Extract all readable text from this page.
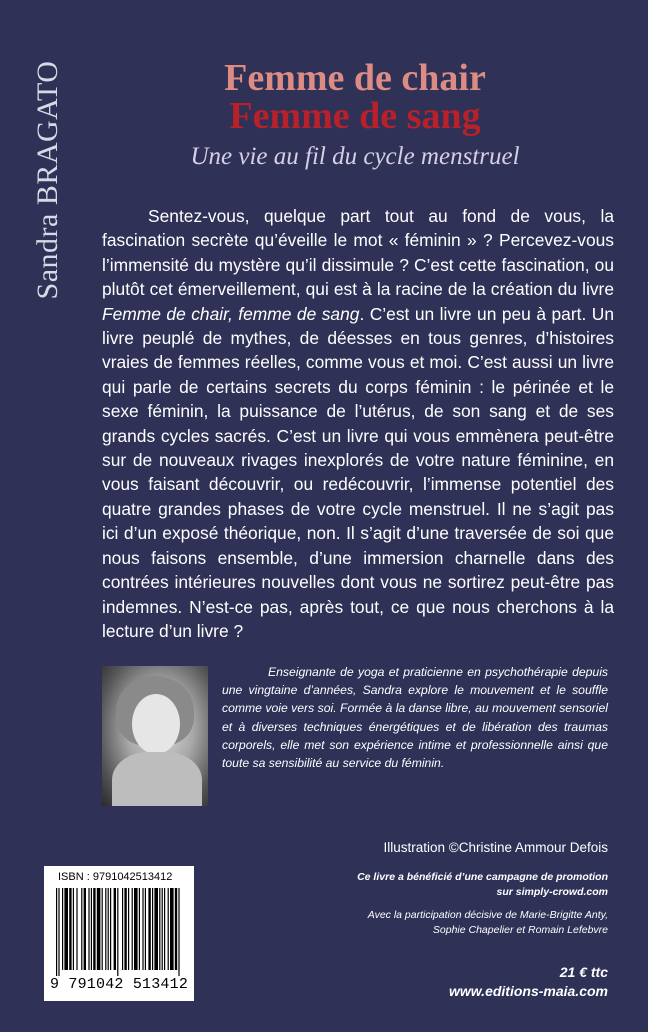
Sandra BRAGATO	Femme de chair
Femme de sang
Une vie au fil du cycle menstruel

Sentez-vous, quelque part tout au fond de vous, la fascination secrète qu’éveille le mot « féminin » ? Percevez-vous l’immensité du mystère qu’il dissimule ? C’est cette fascination, ou plutôt cet émerveillement, qui est à la racine de la création du livre Femme de chair, femme de sang. C’est un livre un peu à part. Un livre peuplé de mythes, de déesses en tous genres, d’histoires vraies de femmes réelles, comme vous et moi. C’est aussi un livre qui parle de certains secrets du corps féminin : le périnée et le sexe féminin, la puissance de l’utérus, de son sang et de ses grands cycles sacrés. C’est un livre qui vous emmènera peut-être sur de nouveaux rivages inexplorés de votre nature féminine, en vous faisant découvrir, ou redécouvrir, l’immense potentiel des quatre grandes phases de votre cycle menstruel. Il ne s’agit pas ici d’un exposé théorique, non. Il s’agit d’une traversée de soi que nous faisons ensemble, d’une immersion charnelle dans des contrées intérieures nouvelles dont vous ne sortirez peut-être pas indemnes. N’est-ce pas, après tout, ce que nous cherchons à la lecture d’un livre ?

Enseignante de yoga et praticienne en psychothérapie depuis une vingtaine d’années, Sandra explore le mouvement et le souffle comme voie vers soi. Formée à la danse libre, au mouvement sensoriel et à diverses techniques énergétiques et de libération des traumas corporels, elle met son expérience intime et professionnelle ainsi que toute sa sensibilité au service du féminin.

Illustration ©Christine Ammour Defois
Ce livre a bénéficié d’une campagne de promotion
sur simply-crowd.com
Avec la participation décisive de Marie-Brigitte Anty,
Sophie Chapelier et Romain Lefebvre
21 € ttc
www.editions-maia.com
ISBN : 9791042513412
9 791042 513412
